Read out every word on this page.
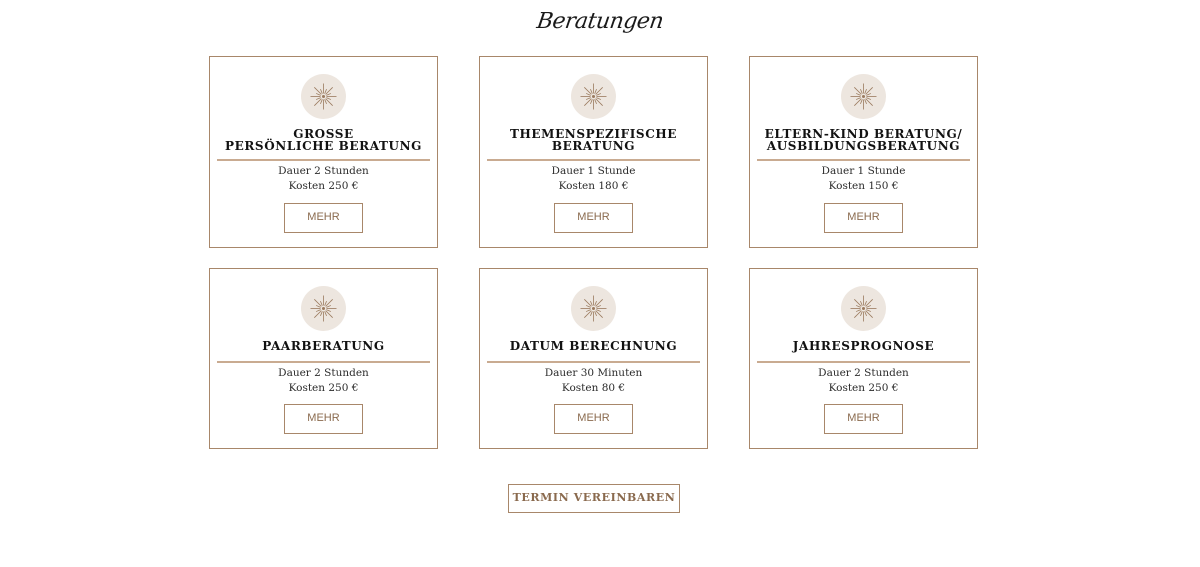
Beratungen
GROSSE
PERSÖNLICHE BERATUNG
Dauer 2 Stunden
Kosten 250 €
MEHR
THEMENSPEZIFISCHE
BERATUNG
Dauer 1 Stunde
Kosten 180 €
MEHR
ELTERN-KIND BERATUNG/
AUSBILDUNGSBERATUNG
Dauer 1 Stunde
Kosten 150 €
MEHR
PAARBERATUNG
Dauer 2 Stunden
Kosten 250 €
MEHR
DATUM BERECHNUNG
Dauer 30 Minuten
Kosten 80 €
MEHR
JAHRESPROGNOSE
Dauer 2 Stunden
Kosten 250 €
MEHR
TERMIN VEREINBAREN
